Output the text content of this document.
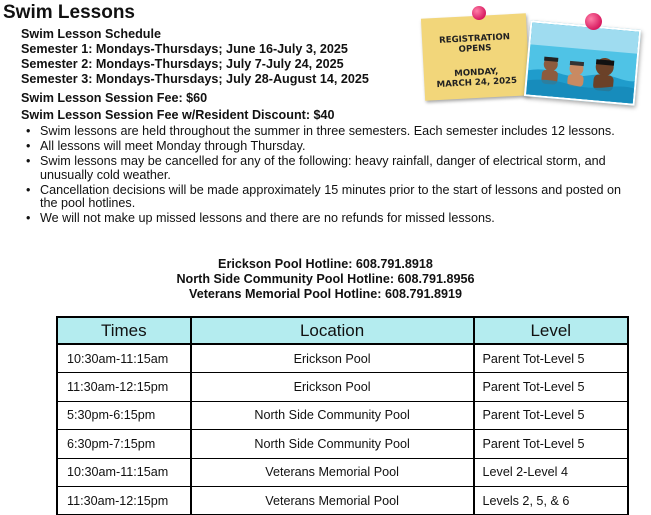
Swim Lessons
Swim Lesson Schedule
Semester 1: Mondays-Thursdays; June 16-July 3, 2025
Semester 2: Mondays-Thursdays; July 7-July 24, 2025
Semester 3: Mondays-Thursdays; July 28-August 14, 2025
Swim Lesson Session Fee: $60
Swim Lesson Session Fee w/Resident Discount: $40
• Swim lessons are held throughout the summer in three semesters. Each semester includes 12 lessons.
• All lessons will meet Monday through Thursday.
• Swim lessons may be cancelled for any of the following: heavy rainfall, danger of electrical storm, and unusually cold weather.
• Cancellation decisions will be made approximately 15 minutes prior to the start of lessons and posted on the pool hotlines.
• We will not make up missed lessons and there are no refunds for missed lessons.
Erickson Pool Hotline: 608.791.8918
North Side Community Pool Hotline: 608.791.8956
Veterans Memorial Pool Hotline: 608.791.8919
REGISTRATION
OPENS
MONDAY,
MARCH 24, 2025
Times	Location	Level
10:30am-11:15am	Erickson Pool	Parent Tot-Level 5
11:30am-12:15pm	Erickson Pool	Parent Tot-Level 5
5:30pm-6:15pm	North Side Community Pool	Parent Tot-Level 5
6:30pm-7:15pm	North Side Community Pool	Parent Tot-Level 5
10:30am-11:15am	Veterans Memorial Pool	Level 2-Level 4
11:30am-12:15pm	Veterans Memorial Pool	Levels 2, 5, & 6
